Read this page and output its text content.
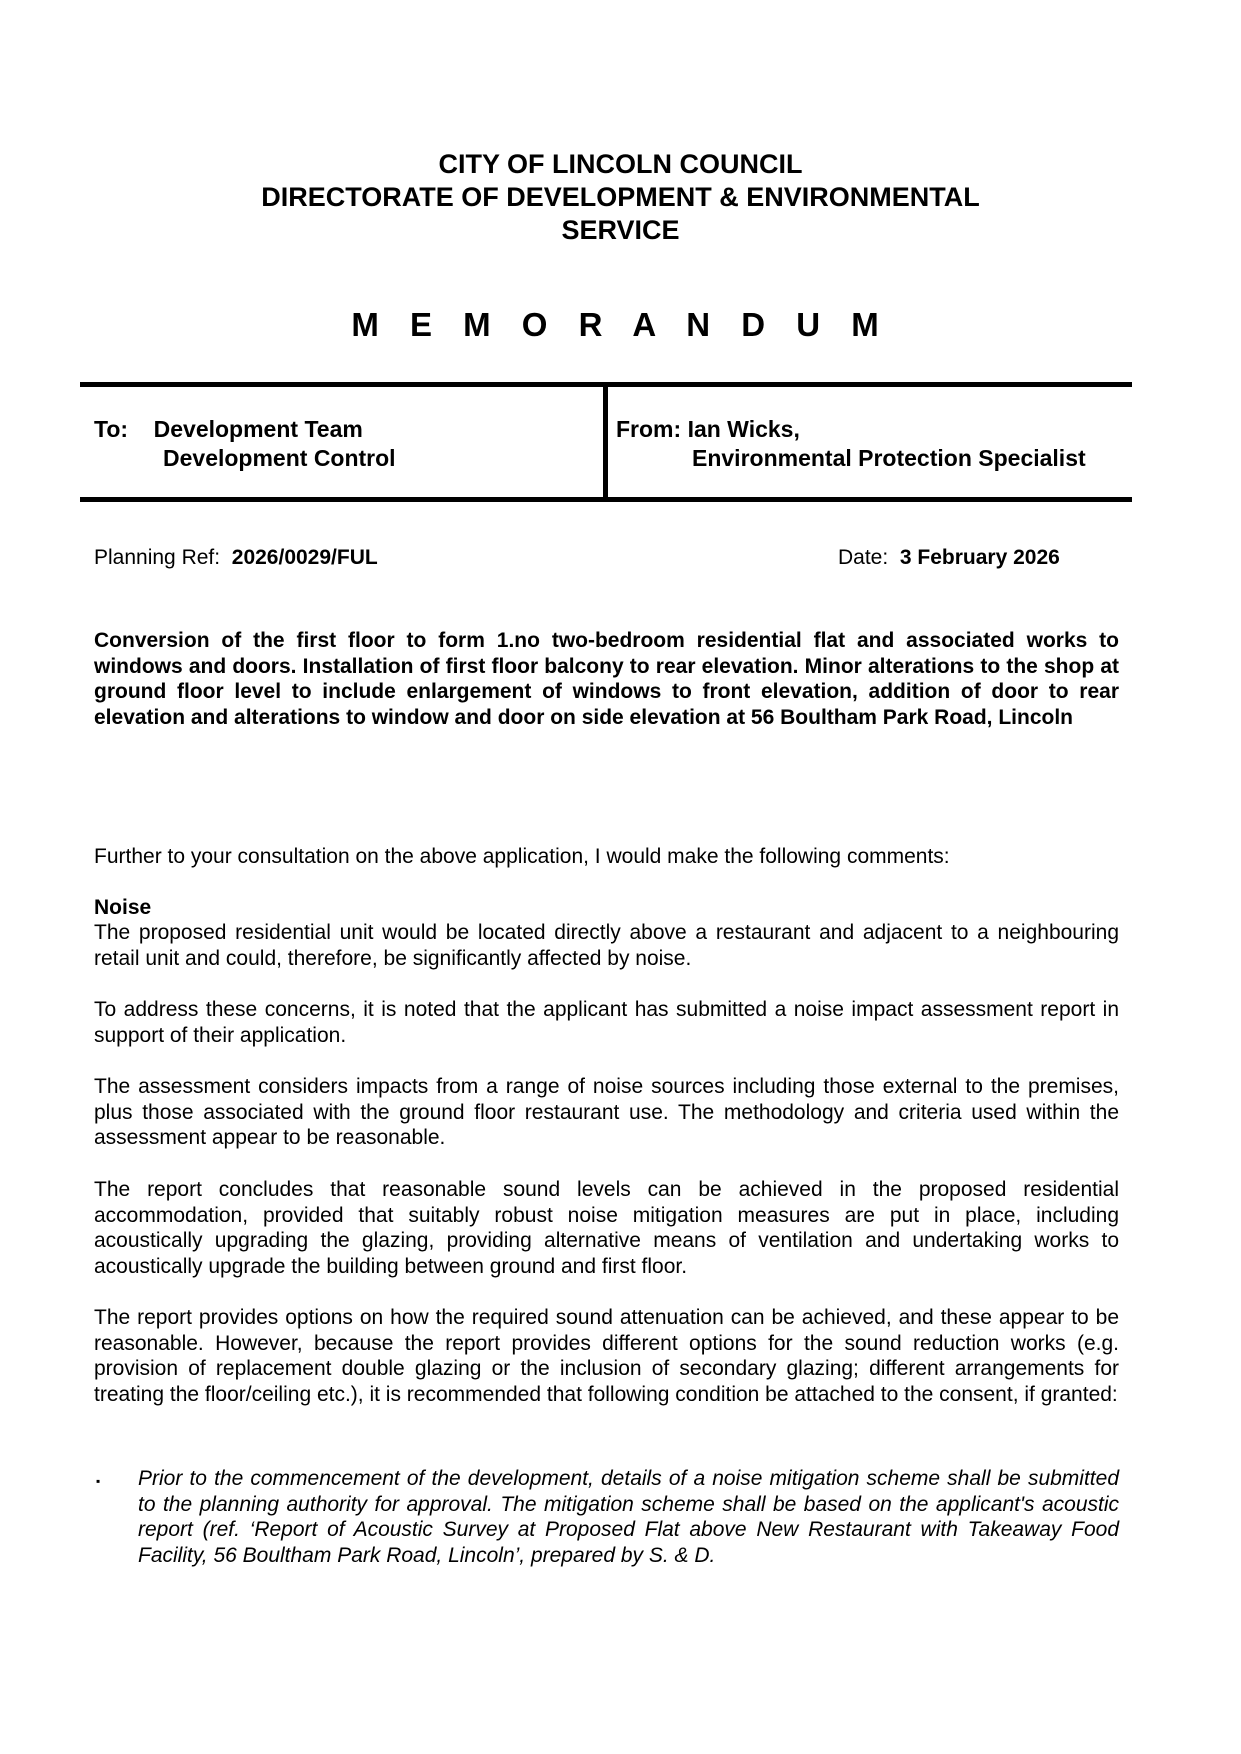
CITY OF LINCOLN COUNCIL
DIRECTORATE OF DEVELOPMENT & ENVIRONMENTAL
SERVICE
M E M O R A N D U M
To: Development Team
Development Control
From: Ian Wicks,
Environmental Protection Specialist
Planning Ref: 2026/0029/FUL	Date: 3 February 2026
Conversion of the first floor to form 1.no two-bedroom residential flat and associated works to windows and doors. Installation of first floor balcony to rear elevation. Minor alterations to the shop at ground floor level to include enlargement of windows to front elevation, addition of door to rear elevation and alterations to window and door on side elevation at 56 Boultham Park Road, Lincoln
Further to your consultation on the above application, I would make the following comments:
Noise
The proposed residential unit would be located directly above a restaurant and adjacent to a neighbouring retail unit and could, therefore, be significantly affected by noise.
To address these concerns, it is noted that the applicant has submitted a noise impact assessment report in support of their application.
The assessment considers impacts from a range of noise sources including those external to the premises, plus those associated with the ground floor restaurant use. The methodology and criteria used within the assessment appear to be reasonable.
The report concludes that reasonable sound levels can be achieved in the proposed residential accommodation, provided that suitably robust noise mitigation measures are put in place, including acoustically upgrading the glazing, providing alternative means of ventilation and undertaking works to acoustically upgrade the building between ground and first floor.
The report provides options on how the required sound attenuation can be achieved, and these appear to be reasonable. However, because the report provides different options for the sound reduction works (e.g. provision of replacement double glazing or the inclusion of secondary glazing; different arrangements for treating the floor/ceiling etc.), it is recommended that following condition be attached to the consent, if granted:
▪ Prior to the commencement of the development, details of a noise mitigation scheme shall be submitted to the planning authority for approval. The mitigation scheme shall be based on the applicant's acoustic report (ref. ‘Report of Acoustic Survey at Proposed Flat above New Restaurant with Takeaway Food Facility, 56 Boultham Park Road, Lincoln’, prepared by S. & D.
